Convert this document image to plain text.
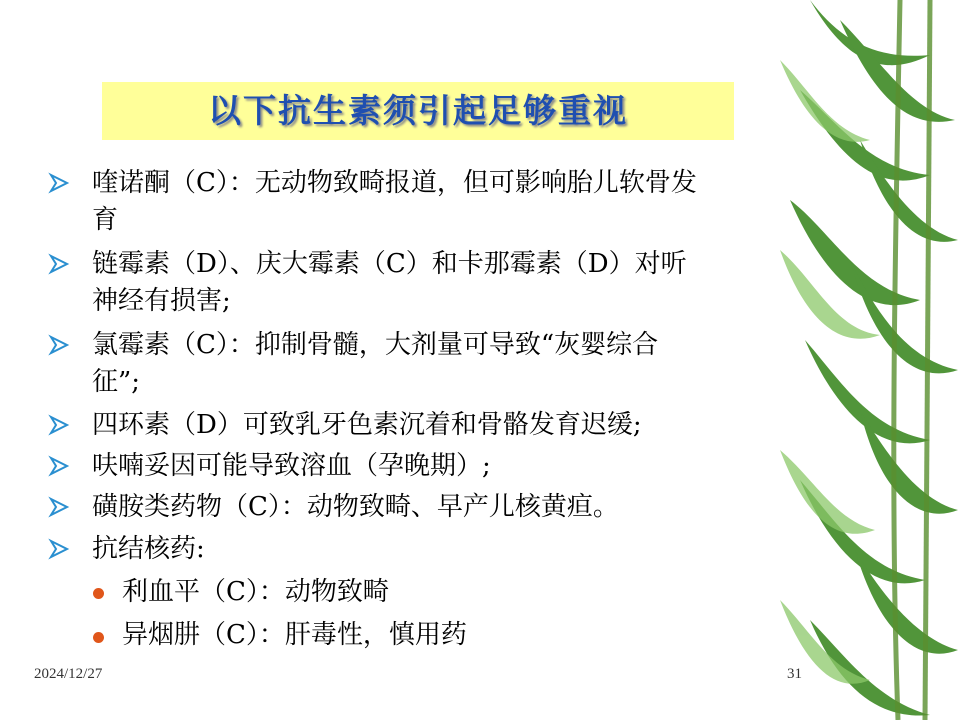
以下抗生素须引起足够重视
喹诺酮（C）：无动物致畸报道，但可影响胎儿软骨发
育
链霉素（D）、庆大霉素（C）和卡那霉素（D）对听
神经有损害;
氯霉素（C）：抑制骨髓，大剂量可导致“灰婴综合
征”;
四环素（D）可致乳牙色素沉着和骨骼发育迟缓;
呋喃妥因可能导致溶血（孕晚期）;
磺胺类药物（C）：动物致畸、早产儿核黄疸。
抗结核药:
利血平（C）：动物致畸
异烟肼（C）：肝毒性，慎用药
2024/12/27	31
